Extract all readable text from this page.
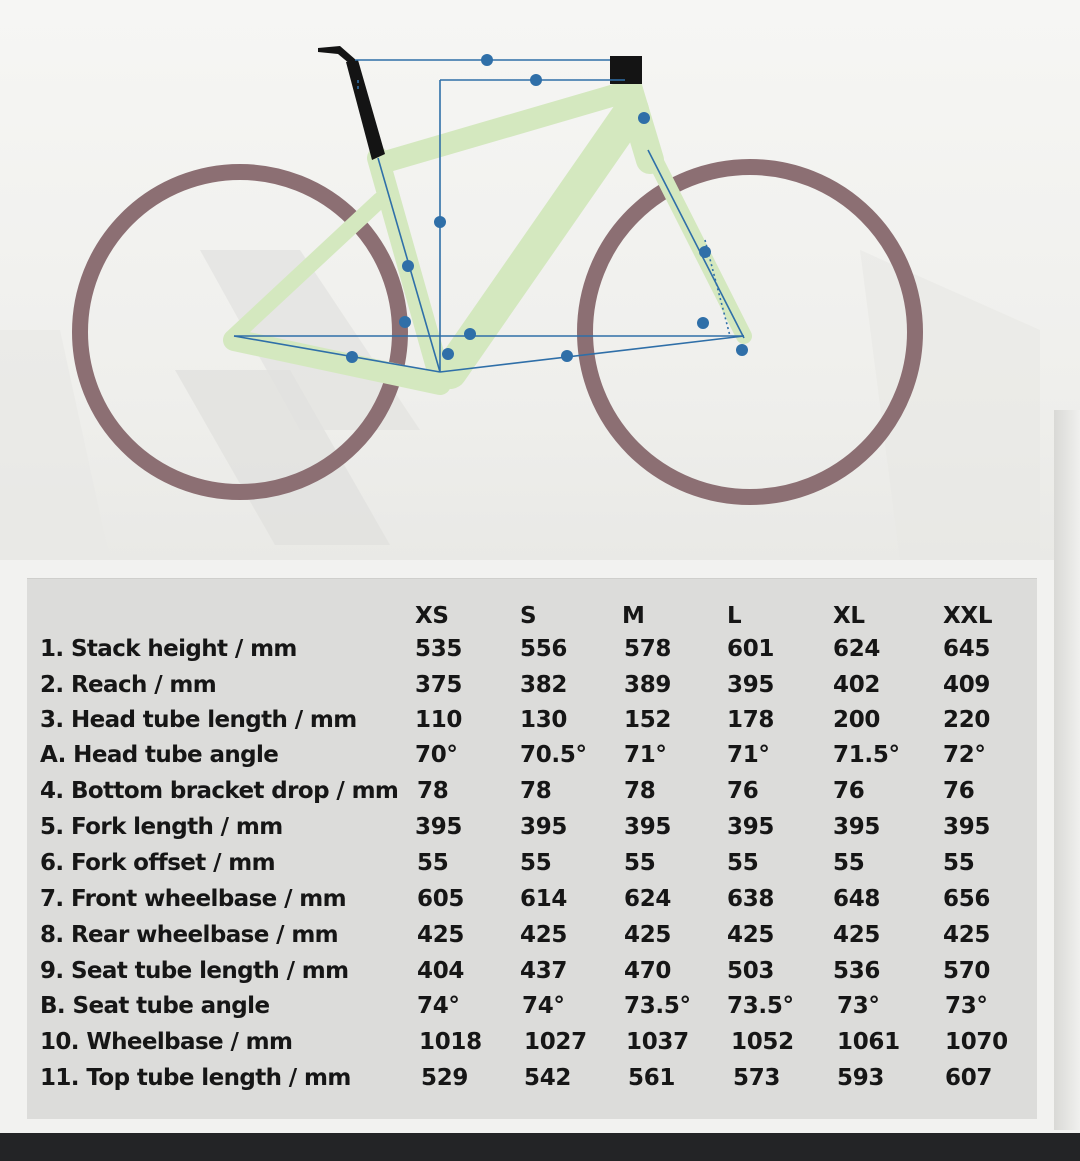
XS	S	M	L	XL	XXL
1. Stack height / mm	535	556 578 601	624	645
2. Reach / mm	375	382 389 395	402	409
3. Head tube length / mm	110	130 152 178	200	220
A. Head tube angle	70°	70.5° 71°	71°	71.5° 72°
4. Bottom bracket drop / mm 78	78	78	76	76	76
5. Fork length / mm	395	395 395 395	395	395
6. Fork offset / mm	55	55	55	55	55	55
7. Front wheelbase / mm	605 614 624 638	648	656
8. Rear wheelbase / mm	425 425 425 425	425	425
9. Seat tube length / mm	404 437 470 503	536	570
B. Seat tube angle	74°	74°	73.5° 73.5° 73°	73°
10. Wheelbase / mm	1018 1027 1037 1052 1061 1070
11. Top tube length / mm	529 542 561	573 593	607
